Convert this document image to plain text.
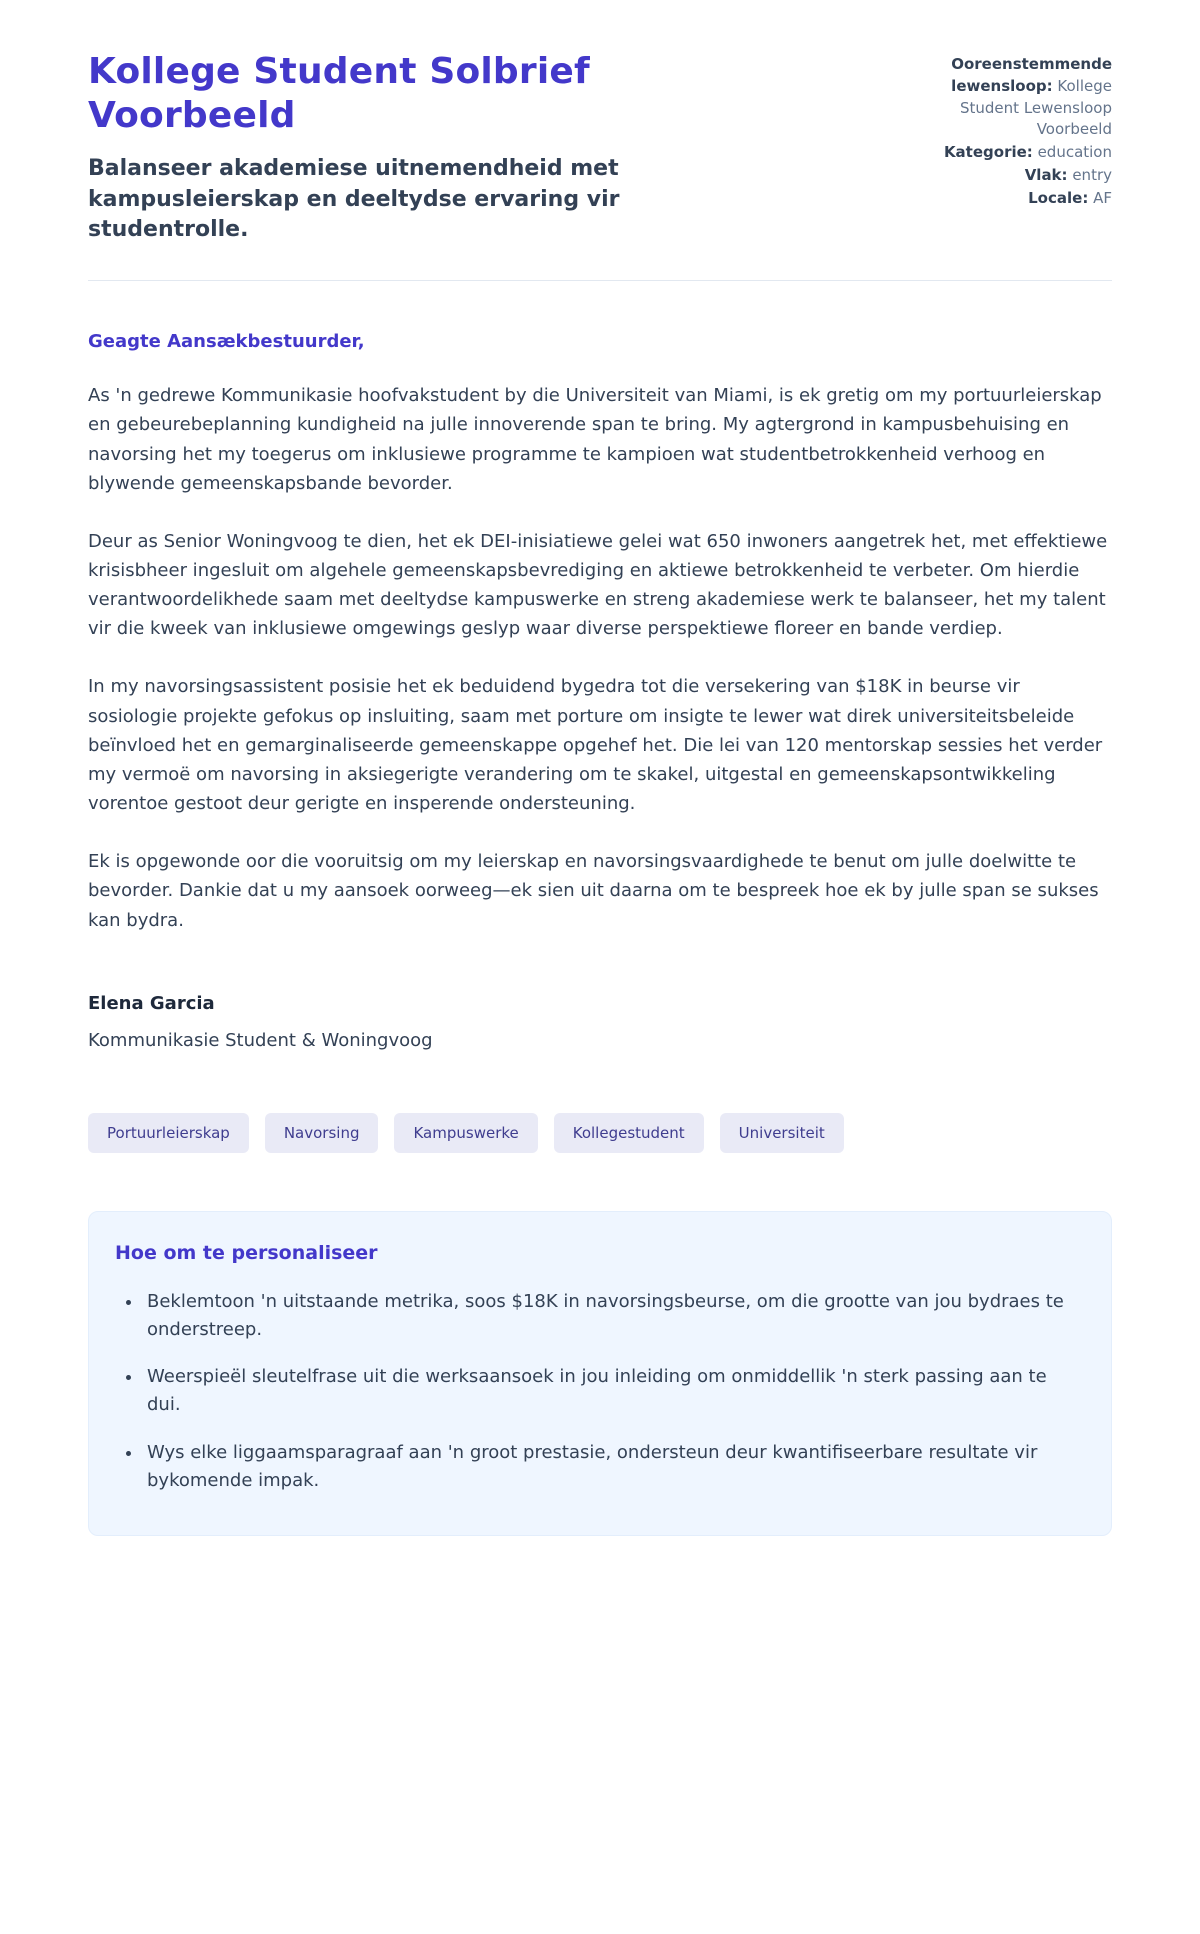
Kollege Student Solbrief Voorbeeld
Balanseer akademiese uitnemendheid met kampusleierskap en deeltydse ervaring vir studentrolle.
Ooreenstemmende lewensloop: Kollege Student Lewensloop Voorbeeld
Kategorie: education
Vlak: entry
Locale: AF

Geagte Aansækbestuurder,

As 'n gedrewe Kommunikasie hoofvakstudent by die Universiteit van Miami, is ek gretig om my portuurleierskap en gebeurebeplanning kundigheid na julle innoverende span te bring. My agtergrond in kampusbehuising en navorsing het my toegerus om inklusiewe programme te kampioen wat studentbetrokkenheid verhoog en blywende gemeenskapsbande bevorder.

Deur as Senior Woningvoog te dien, het ek DEI-inisiatiewe gelei wat 650 inwoners aangetrek het, met effektiewe krisisbheer ingesluit om algehele gemeenskapsbevrediging en aktiewe betrokkenheid te verbeter. Om hierdie verantwoordelikhede saam met deeltydse kampuswerke en streng akademiese werk te balanseer, het my talent vir die kweek van inklusiewe omgewings geslyp waar diverse perspektiewe floreer en bande verdiep.

In my navorsingsassistent posisie het ek beduidend bygedra tot die versekering van $18K in beurse vir sosiologie projekte gefokus op insluiting, saam met porture om insigte te lewer wat direk universiteitsbeleide beïnvloed het en gemarginaliseerde gemeenskappe opgehef het. Die lei van 120 mentorskap sessies het verder my vermoë om navorsing in aksiegerigte verandering om te skakel, uitgestal en gemeenskapsontwikkeling vorentoe gestoot deur gerigte en insperende ondersteuning.

Ek is opgewonde oor die vooruitsig om my leierskap en navorsingsvaardighede te benut om julle doelwitte te bevorder. Dankie dat u my aansoek oorweeg—ek sien uit daarna om te bespreek hoe ek by julle span se sukses kan bydra.

Elena Garcia

Kommunikasie Student & Woningvoog

Portuurleierskap	Navorsing	Kampuswerke	Kollegestudent	Universiteit
Hoe om te personaliseer
• Beklemtoon 'n uitstaande metrika, soos $18K in navorsingsbeurse, om die grootte van jou bydraes te onderstreep.
• Weerspieël sleutelfrase uit die werksaansoek in jou inleiding om onmiddellik 'n sterk passing aan te dui.
• Wys elke liggaamsparagraaf aan 'n groot prestasie, ondersteun deur kwantifiseerbare resultate vir bykomende impak.
